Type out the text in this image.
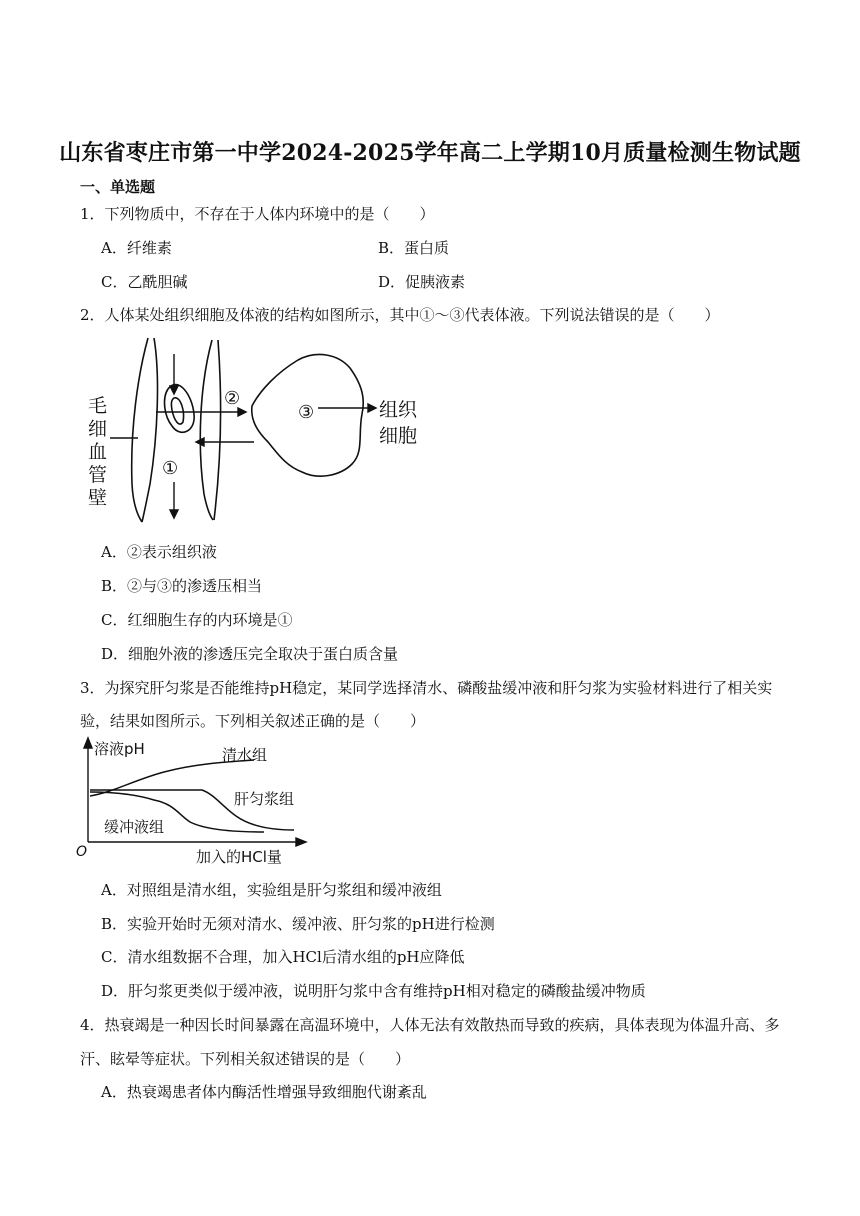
山东省枣庄市第一中学2024-2025学年高二上学期10月质量检测生物试题
一、单选题
1．下列物质中，不存在于人体内环境中的是（　　）
A．纤维素	B．蛋白质
C．乙酰胆碱	D．促胰液素
2．人体某处组织细胞及体液的结构如图所示，其中①～③代表体液。下列说法错误的是（　　）
毛
细
血
管
壁
②
③
①
组织
细胞
A．②表示组织液
B．②与③的渗透压相当
C．红细胞生存的内环境是①
D．细胞外液的渗透压完全取决于蛋白质含量
3．为探究肝匀浆是否能维持pH稳定，某同学选择清水、磷酸盐缓冲液和肝匀浆为实验材料进行了相关实
验，结果如图所示。下列相关叙述正确的是（　　）
溶液pH	清水组
肝匀浆组
缓冲液组
O	加入的HCl量
A．对照组是清水组，实验组是肝匀浆组和缓冲液组
B．实验开始时无须对清水、缓冲液、肝匀浆的pH进行检测
C．清水组数据不合理，加入HCl后清水组的pH应降低
D．肝匀浆更类似于缓冲液，说明肝匀浆中含有维持pH相对稳定的磷酸盐缓冲物质
4．热衰竭是一种因长时间暴露在高温环境中，人体无法有效散热而导致的疾病，具体表现为体温升高、多
汗、眩晕等症状。下列相关叙述错误的是（　　）
A．热衰竭患者体内酶活性增强导致细胞代谢紊乱
